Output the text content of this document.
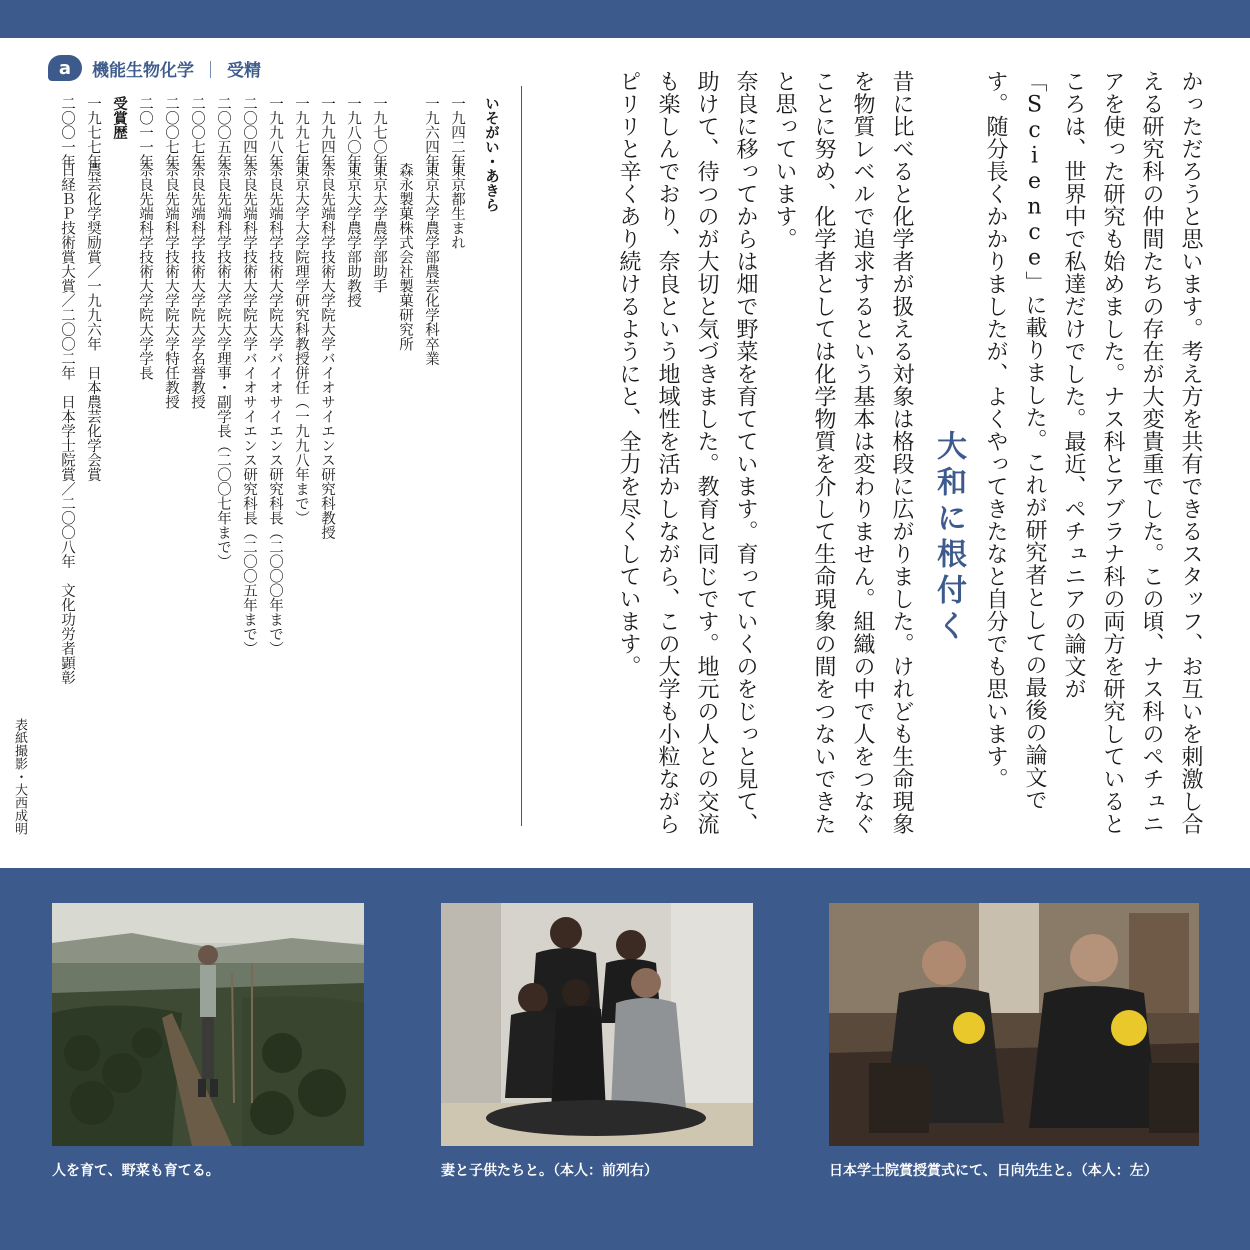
a	機能生物化学 ｜ 受精	かっただろうと思います。考え方を共有できるスタッフ、お互いを刺激し合える研究科の仲間たちの存在が大変貴重でした。この頃、ナス科のペチュニアを使った研究も始めました。ナス科とアブラナ科の両方を研究しているところは、世界中で私達だけでした。最近、ペチュニアの論文が「Science」に載りました。これが研究者としての最後の論文です。随分長くかかりましたが、よくやってきたなと自分でも思います。

大和に根付く

昔に比べると化学者が扱える対象は格段に広がりました。けれども生命現象を物質レベルで追求するという基本は変わりません。組織の中で人をつなぐことに努め、化学者としては化学物質を介して生命現象の間をつないできたと思っています。

奈良に移ってからは畑で野菜を育てています。育っていくのをじっと見て、助けて、待つのが大切と気づきました。教育と同じです。地元の人との交流も楽しんでおり、奈良という地域性を活かしながら、この大学も小粒ながらピリリと辛くあり続けるようにと、全力を尽くしています。

いそがい・あきら
一九四二年　東京都生まれ
一九六四年　東京大学農学部農芸化学科卒業
　森永製菓株式会社製菓研究所
一九七〇年　東京大学農学部助手
一九八〇年　東京大学農学部助教授
一九九四年　奈良先端科学技術大学院大学バイオサイエンス研究科教授
一九九七年　東京大学大学院理学研究科教授併任（一九九八年まで）
一九九八年　奈良先端科学技術大学院大学バイオサイエンス研究科長（二〇〇〇年まで）
二〇〇四年　奈良先端科学技術大学院大学バイオサイエンス研究科長（二〇〇五年まで）
二〇〇五年　奈良先端科学技術大学院大学理事・副学長（二〇〇七年まで）
二〇〇七年　奈良先端科学技術大学院大学名誉教授
二〇〇七年　奈良先端科学技術大学院大学特任教授
二〇一一年　奈良先端科学技術大学院大学学長
受賞歴
一九七七年　農芸化学奨励賞／一九九六年　日本農芸化学会賞
二〇〇一年　日経ＢＰ技術賞大賞／二〇〇二年　日本学士院賞／二〇〇八年　文化功労者顕彰
表紙撮影・大西成明
人を育て、野菜も育てる。	妻と子供たちと。（本人：前列右）	日本学士院賞授賞式にて、日向先生と。（本人：左）
